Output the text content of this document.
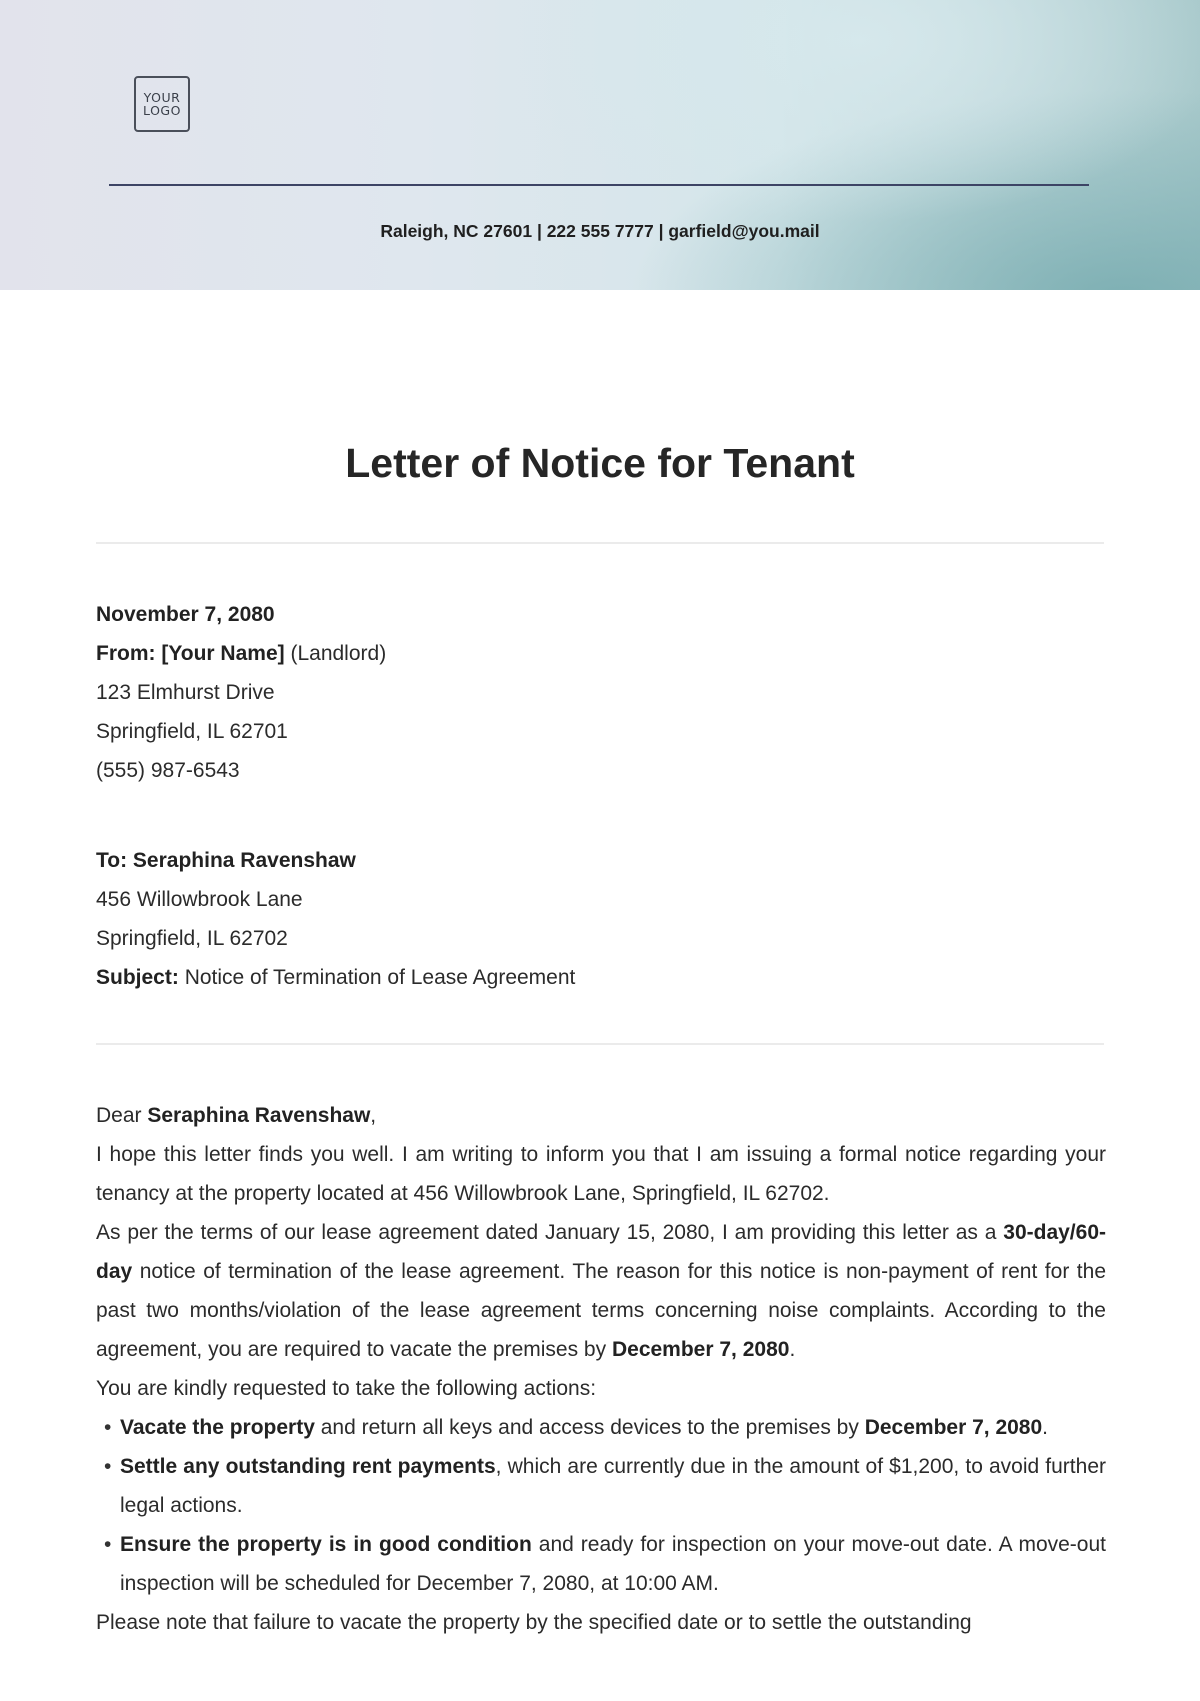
YOUR
LOGO
Raleigh, NC 27601 | 222 555 7777 | garfield@you.mail
Letter of Notice for Tenant
November 7, 2080
From: [Your Name] (Landlord)
123 Elmhurst Drive
Springfield, IL 62701
(555) 987-6543
To: Seraphina Ravenshaw
456 Willowbrook Lane
Springfield, IL 62702
Subject: Notice of Termination of Lease Agreement
Dear Seraphina Ravenshaw,
I hope this letter finds you well. I am writing to inform you that I am issuing a formal notice regarding your tenancy at the property located at 456 Willowbrook Lane, Springfield, IL 62702.
As per the terms of our lease agreement dated January 15, 2080, I am providing this letter as a 30-day/60-day notice of termination of the lease agreement. The reason for this notice is non-payment of rent for the past two months/violation of the lease agreement terms concerning noise complaints. According to the agreement, you are required to vacate the premises by December 7, 2080.
You are kindly requested to take the following actions:
• Vacate the property and return all keys and access devices to the premises by December 7, 2080.
• Settle any outstanding rent payments, which are currently due in the amount of $1,200, to avoid further legal actions.
• Ensure the property is in good condition and ready for inspection on your move-out date. A move-out inspection will be scheduled for December 7, 2080, at 10:00 AM.
Please note that failure to vacate the property by the specified date or to settle the outstanding
